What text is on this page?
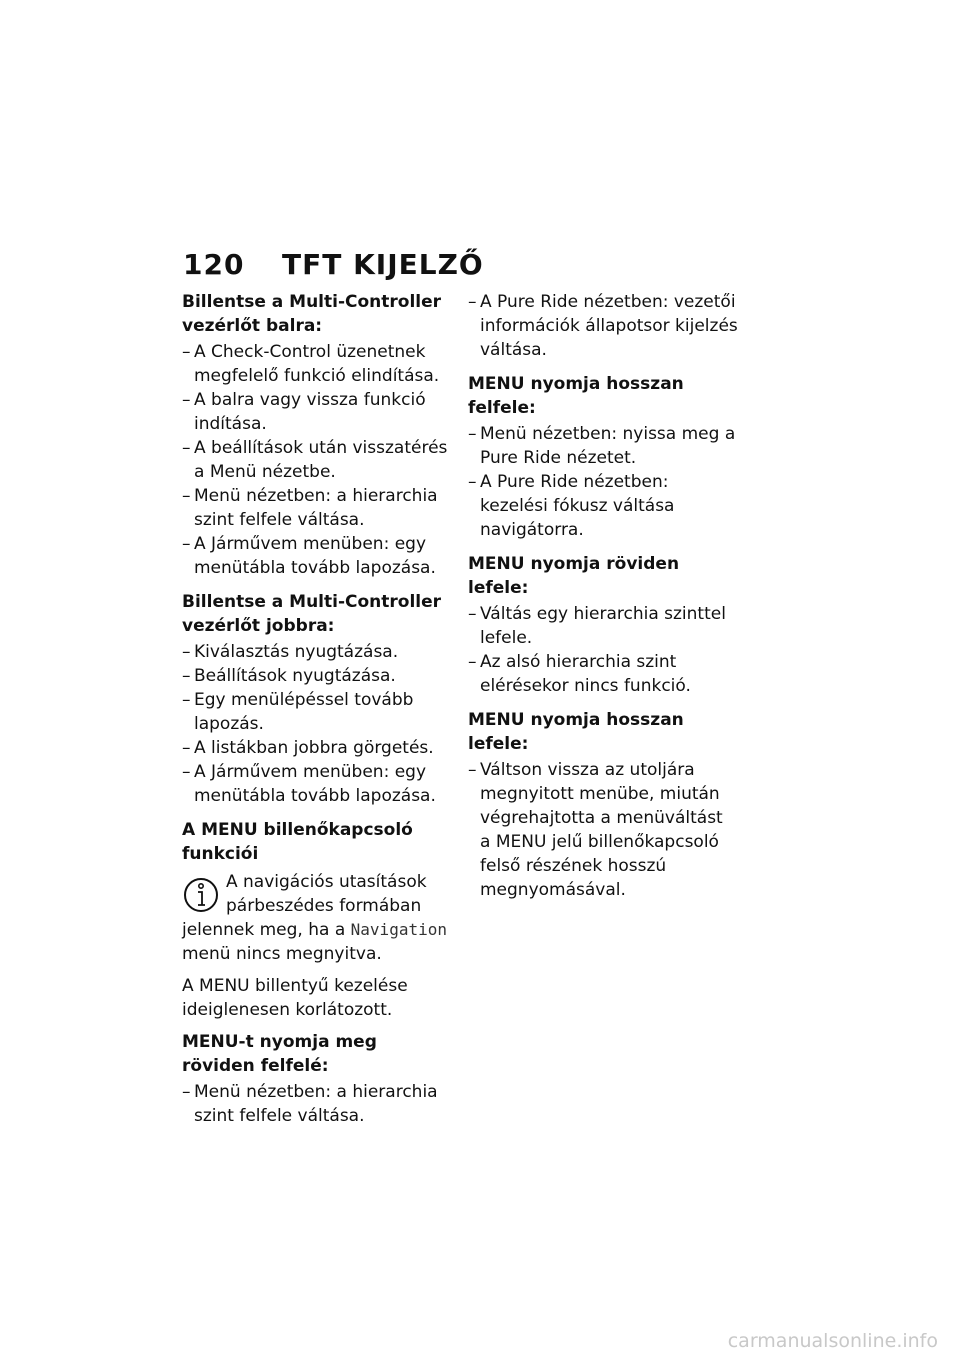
120 TFT KIJELZŐ
Billentse a Multi-Controller vezérlőt balra:
– A Check-Control üzenetnek megfelelő funkció elindítása.
– A balra vagy vissza funkció indítása.
– A beállítások után visszatérés a Menü nézetbe.
– Menü nézetben: a hierarchia szint felfele váltása.
– A Járművem menüben: egy menütábla tovább lapozása.
Billentse a Multi-Controller vezérlőt jobbra:
– Kiválasztás nyugtázása.
– Beállítások nyugtázása.
– Egy menülépéssel tovább lapozás.
– A listákban jobbra görgetés.
– A Járművem menüben: egy menütábla tovább lapozása.
A MENU billenőkapcsoló funkciói

A navigációs utasítások párbeszédes formában jelennek meg, ha a Navigation menü nincs megnyitva.

A MENU billentyű kezelése ideiglenesen korlátozott.

MENU-t nyomja meg röviden felfelé:
– Menü nézetben: a hierarchia szint felfele váltása.
– A Pure Ride nézetben: vezetői információk állapotsor kijelzés váltása.
MENU nyomja hosszan felfele:
– Menü nézetben: nyissa meg a Pure Ride nézetet.
– A Pure Ride nézetben: kezelési fókusz váltása navigátorra.
MENU nyomja röviden lefele:
– Váltás egy hierarchia szinttel lefele.
– Az alsó hierarchia szint elérésekor nincs funkció.
MENU nyomja hosszan lefele:
– Váltson vissza az utoljára megnyitott menübe, miután végrehajtotta a menüváltást a MENU jelű billenőkapcsoló felső részének hosszú megnyomásával.
carmanualsonline.info
